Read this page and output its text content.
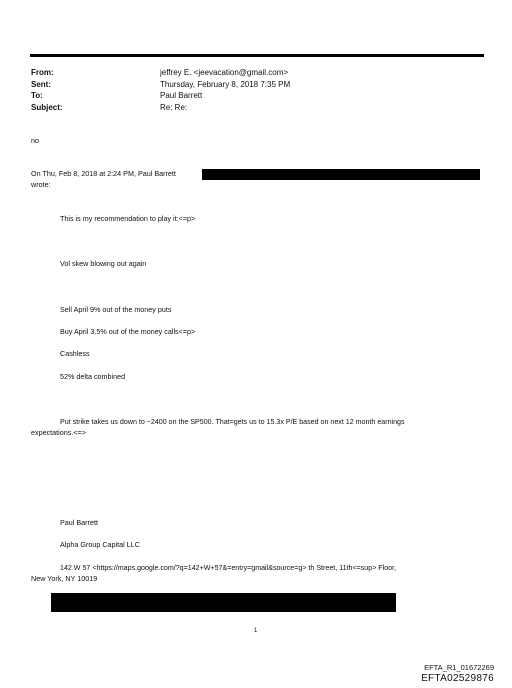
From:	jeffrey E. <jeevacation@gmail.com>
Sent:	Thursday, February 8, 2018 7:35 PM
To:	Paul Barrett
Subject:	Re: Re:
no
On Thu, Feb 8, 2018 at 2:24 PM, Paul Barrett
wrote:
This is my recommendation to play it:<=p>
Vol skew blowing out again
Sell April 9% out of the money puts
Buy April 3.5% out of the money calls<=p>
Cashless
52% delta combined
Put strike takes us down to ~2400 on the SP500. That=gets us to 15.3x P/E based on next 12 month earnings
expectations.<=>
Paul Barrett
Alpha Group Capital LLC
142 W 57 <https://maps.google.com/?q=142+W+57&=entry=gmail&source=g> th Street, 11th<=sup> Floor,
New York, NY 10019
1
EFTA_R1_01672269
EFTA02529876
